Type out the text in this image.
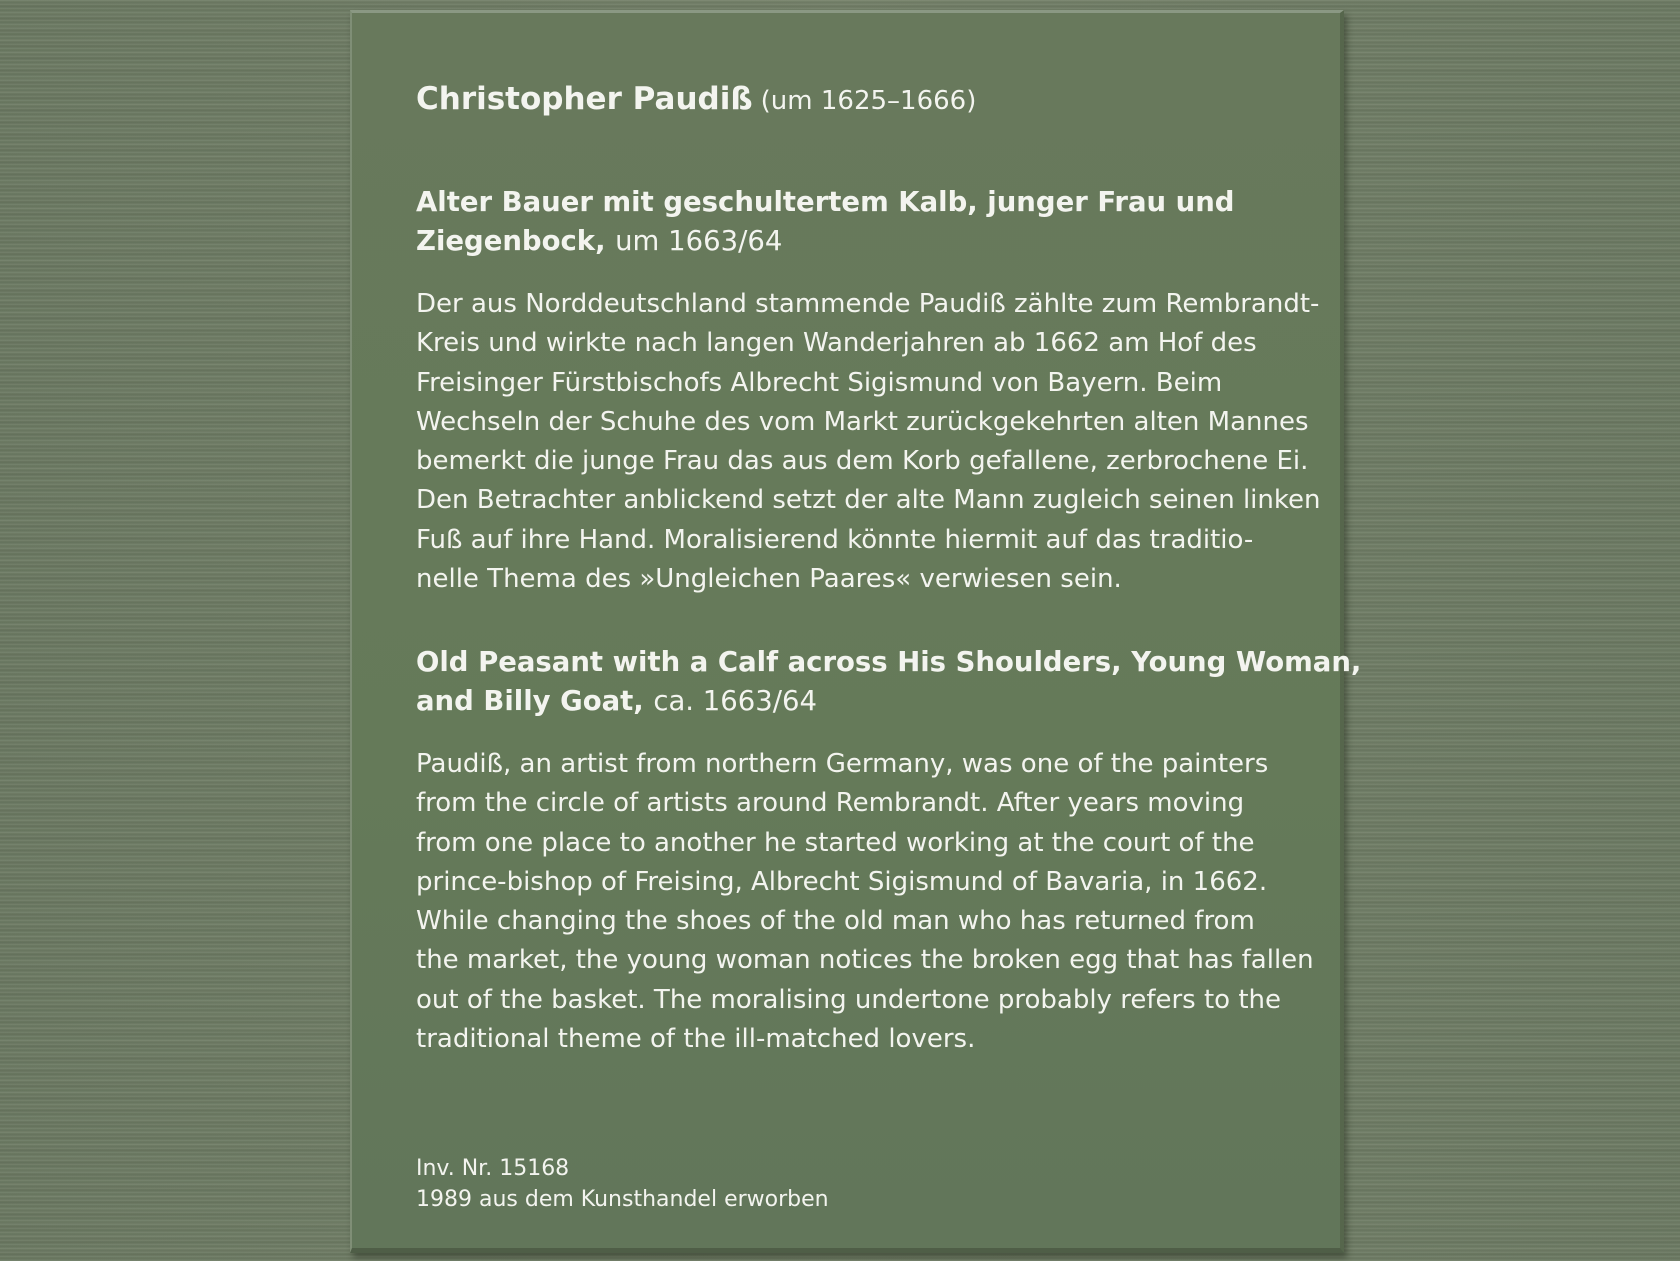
Christopher Paudiß (um 1625–1666)

Alter Bauer mit geschultertem Kalb, junger Frau und
Ziegenbock, um 1663/64

Der aus Norddeutschland stammende Paudiß zählte zum Rembrandt-
Kreis und wirkte nach langen Wanderjahren ab 1662 am Hof des
Freisinger Fürstbischofs Albrecht Sigismund von Bayern. Beim
Wechseln der Schuhe des vom Markt zurückgekehrten alten Mannes
bemerkt die junge Frau das aus dem Korb gefallene, zerbrochene Ei.
Den Betrachter anblickend setzt der alte Mann zugleich seinen linken
Fuß auf ihre Hand. Moralisierend könnte hiermit auf das traditio-
nelle Thema des »Ungleichen Paares« verwiesen sein.

Old Peasant with a Calf across His Shoulders, Young Woman,
and Billy Goat, ca. 1663/64

Paudiß, an artist from northern Germany, was one of the painters
from the circle of artists around Rembrandt. After years moving
from one place to another he started working at the court of the
prince-bishop of Freising, Albrecht Sigismund of Bavaria, in 1662.
While changing the shoes of the old man who has returned from
the market, the young woman notices the broken egg that has fallen
out of the basket. The moralising undertone probably refers to the
traditional theme of the ill-matched lovers.

Inv. Nr. 15168
1989 aus dem Kunsthandel erworben
